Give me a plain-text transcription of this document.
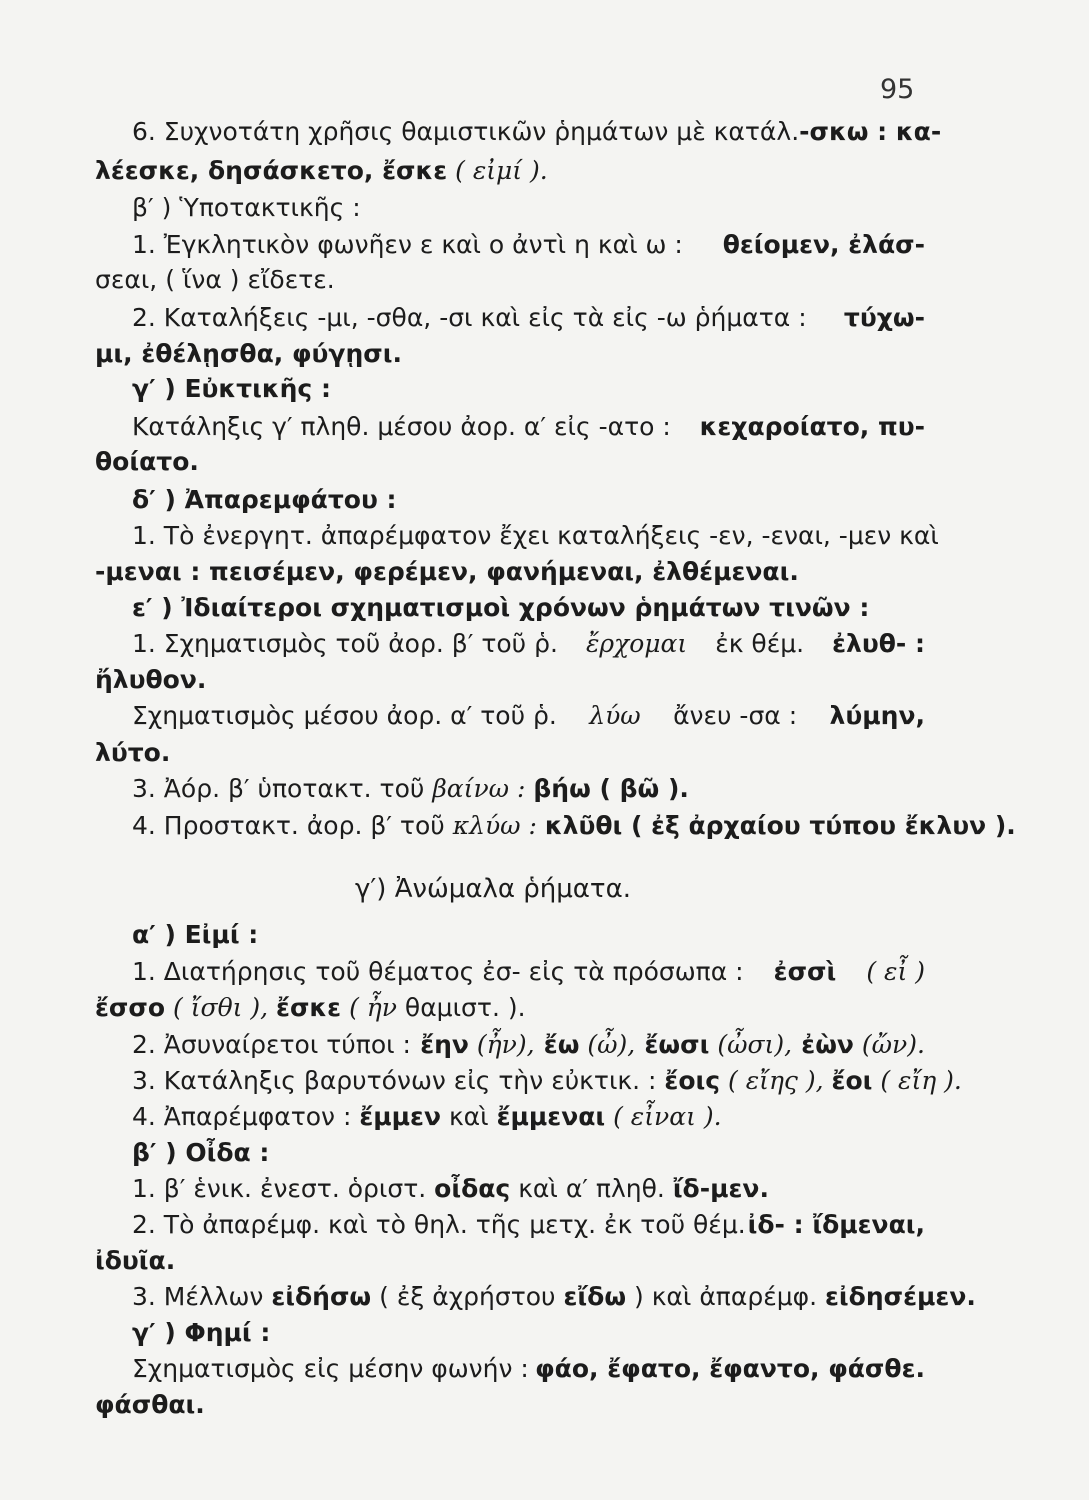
95
6. Συχνοτάτη χρῆσις θαμιστικῶν ῥημάτων μὲ κατάλ. -σκω : κα-
λέεσκε, δησάσκετο, ἔσκε ( εἰμί ).
β′ ) Ὑποτακτικῆς :
1. Ἐγκλητικὸν φωνῆεν ε καὶ ο ἀντὶ η καὶ ω : θείομεν, ἐλάσ-
σεαι, ( ἵνα ) εἴδετε.
2. Καταλήξεις -μι, -σθα, -σι καὶ εἰς τὰ εἰς -ω ῥήματα : τύχω-
μι, ἐθέλῃσθα, φύγῃσι.
γ′ ) Εὐκτικῆς :
Κατάληξις γ′ πληθ. μέσου ἀορ. α′ εἰς -ατο : κεχαροίατο, πυ-
θοίατο.
δ′ ) Ἀπαρεμφάτου :
1. Τὸ ἐνεργητ. ἀπαρέμφατον ἔχει καταλήξεις -εν, -εναι, -μεν καὶ
-μεναι : πεισέμεν, φερέμεν, φανήμεναι, ἐλθέμεναι.
ε′ ) Ἰδιαίτεροι σχηματισμοὶ χρόνων ῥημάτων τινῶν :
1. Σχηματισμὸς τοῦ ἀορ. β′ τοῦ ῥ. ἔρχομαι ἐκ θέμ. ἐλυθ- :
ἤλυθον.
Σχηματισμὸς μέσου ἀορ. α′ τοῦ ῥ. λύω ἄνευ -σα : λύμην,
λύτο.
3. Ἀόρ. β′ ὑποτακτ. τοῦ βαίνω : βήω ( βῶ ).
4. Προστακτ. ἀορ. β′ τοῦ κλύω : κλῦθι ( ἐξ ἀρχαίου τύπου ἔκλυν ).
γ′) Ἀνώμαλα ῥήματα.
α′ ) Εἰμί :
1. Διατήρησις τοῦ θέματος ἐσ- εἰς τὰ πρόσωπα : ἐσσὶ ( εἶ )
ἔσσο ( ἴσθι ), ἔσκε ( ἦν θαμιστ. ).
2. Ἀσυναίρετοι τύποι : ἔην (ἦν), ἔω (ὦ), ἔωσι (ὦσι), ἐὼν (ὤν).
3. Κατάληξις βαρυτόνων εἰς τὴν εὐκτικ. : ἔοις ( εἴης ), ἔοι ( εἴη ).
4. Ἀπαρέμφατον : ἔμμεν καὶ ἔμμεναι ( εἶναι ).
β′ ) Οἶδα :
1. β′ ἑνικ. ἐνεστ. ὁριστ. οἶδας καὶ α′ πληθ. ἴδ-μεν.
2. Τὸ ἀπαρέμφ. καὶ τὸ θηλ. τῆς μετχ. ἐκ τοῦ θέμ. ἰδ- : ἴδμεναι,
ἰδυῖα.
3. Μέλλων εἰδήσω ( ἐξ ἀχρήστου εἴδω ) καὶ ἀπαρέμφ. εἰδησέμεν.
γ′ ) Φημί :
Σχηματισμὸς εἰς μέσην φωνήν : φάο, ἔφατο, ἔφαντο, φάσθε.
φάσθαι.
